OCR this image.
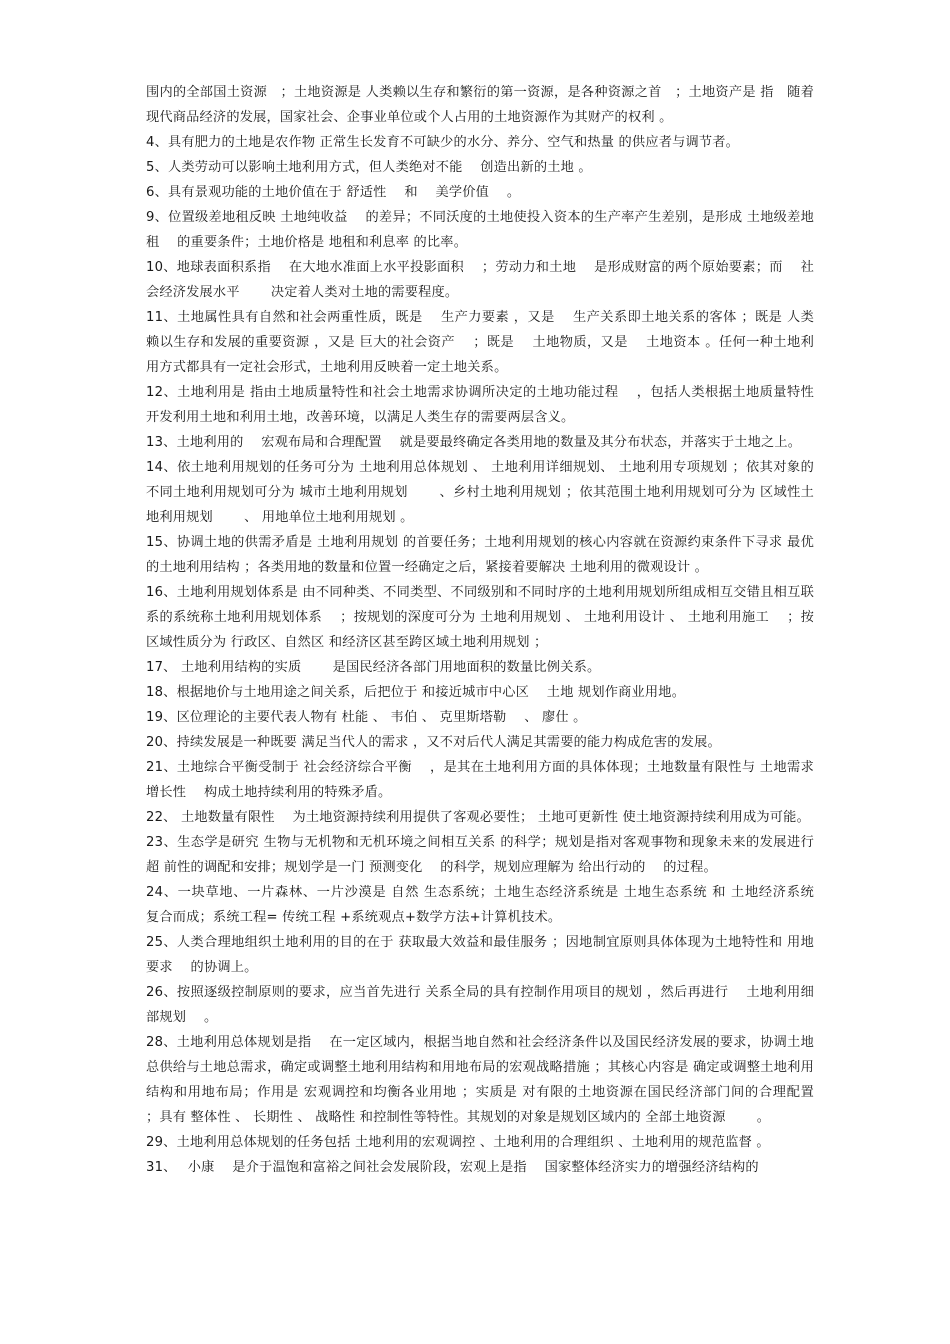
围内的全部国土资源　；土地资源是 人类赖以生存和繁衍的第一资源，是各种资源之首　；土地资产是 指　随着现代商品经济的发展，国家社会、企事业单位或个人占用的土地资源作为其财产的权利 。

4、具有肥力的土地是农作物 正常生长发育不可缺少的水分、养分、空气和热量 的供应者与调节者。

5、人类劳动可以影响土地利用方式，但人类绝对不能　 创造出新的土地 。

6、具有景观功能的土地价值在于 舒适性　 和　 美学价值　 。

9、位置级差地租反映 土地纯收益　 的差异；不同沃度的土地使投入资本的生产率产生差别，是形成 土地级差地租　 的重要条件；土地价格是 地租和利息率 的比率。

10、地球表面积系指　 在大地水准面上水平投影面积　 ；劳动力和土地　 是形成财富的两个原始要素；而　 社会经济发展水平　　 决定着人类对土地的需要程度。

11、土地属性具有自然和社会两重性质，既是　 生产力要素 ，又是　 生产关系即土地关系的客体 ；既是 人类赖以生存和发展的重要资源 ，又是 巨大的社会资产　 ；既是　 土地物质，又是　 土地资本 。任何一种土地利用方式都具有一定社会形式，土地利用反映着一定土地关系。

12、土地利用是 指由土地质量特性和社会土地需求协调所决定的土地功能过程　 ，包括人类根据土地质量特性开发利用土地和利用土地，改善环境，以满足人类生存的需要两层含义。

13、土地利用的　 宏观布局和合理配置　 就是要最终确定各类用地的数量及其分布状态，并落实于土地之上。

14、依土地利用规划的任务可分为 土地利用总体规划 、 土地利用详细规划、 土地利用专项规划 ；依其对象的不同土地利用规划可分为 城市土地利用规划　　 、乡村土地利用规划 ；依其范围土地利用规划可分为 区域性土地利用规划　　 、 用地单位土地利用规划 。

15、协调土地的供需矛盾是 土地利用规划 的首要任务；土地利用规划的核心内容就在资源约束条件下寻求 最优的土地利用结构 ；各类用地的数量和位置一经确定之后，紧接着要解决 土地利用的微观设计 。

16、土地利用规划体系是 由不同种类、不同类型、不同级别和不同时序的土地利用规划所组成相互交错且相互联系的系统称土地利用规划体系　 ；按规划的深度可分为 土地利用规划 、 土地利用设计 、 土地利用施工　 ；按区域性质分为 行政区、自然区 和经济区甚至跨区域土地利用规划 ；

17、 土地利用结构的实质　　 是国民经济各部门用地面积的数量比例关系。

18、根据地价与土地用途之间关系，后把位于 和接近城市中心区　 土地 规划作商业用地。

19、区位理论的主要代表人物有 杜能 、 韦伯 、 克里斯塔勒　 、 廖仕 。

20、持续发展是一种既要 满足当代人的需求 ，又不对后代人满足其需要的能力构成危害的发展。

21、土地综合平衡受制于 社会经济综合平衡　 ，是其在土地利用方面的具体体现；土地数量有限性与 土地需求增长性　 构成土地持续利用的特殊矛盾。

22、 土地数量有限性　 为土地资源持续利用提供了客观必要性； 土地可更新性 使土地资源持续利用成为可能。

23、生态学是研究 生物与无机物和无机环境之间相互关系 的科学；规划是指对客观事物和现象未来的发展进行超 前性的调配和安排；规划学是一门 预测变化　 的科学，规划应理解为 给出行动的　 的过程。

24、一块草地、一片森林、一片沙漠是 自然 生态系统；土地生态经济系统是 土地生态系统 和 土地经济系统　 复合而成；系统工程= 传统工程 +系统观点+数学方法+计算机技术。

25、人类合理地组织土地利用的目的在于 获取最大效益和最佳服务 ；因地制宜原则具体体现为土地特性和 用地要求　 的协调上。

26、按照逐级控制原则的要求，应当首先进行 关系全局的具有控制作用项目的规划 ，然后再进行　 土地利用细部规划　 。

28、土地利用总体规划是指　 在一定区域内，根据当地自然和社会经济条件以及国民经济发展的要求，协调土地总供给与土地总需求，确定或调整土地利用结构和用地布局的宏观战略措施 ；其核心内容是 确定或调整土地利用结构和用地布局；作用是 宏观调控和均衡各业用地 ；实质是 对有限的土地资源在国民经济部门间的合理配置　 ；具有 整体性 、 长期性 、 战略性 和控制性等特性。其规划的对象是规划区域内的 全部土地资源　　 。

29、土地利用总体规划的任务包括 土地利用的宏观调控 、土地利用的合理组织 、土地利用的规范监督 。

31、　 小康　 是介于温饱和富裕之间社会发展阶段，宏观上是指　 国家整体经济实力的增强经济结构的
